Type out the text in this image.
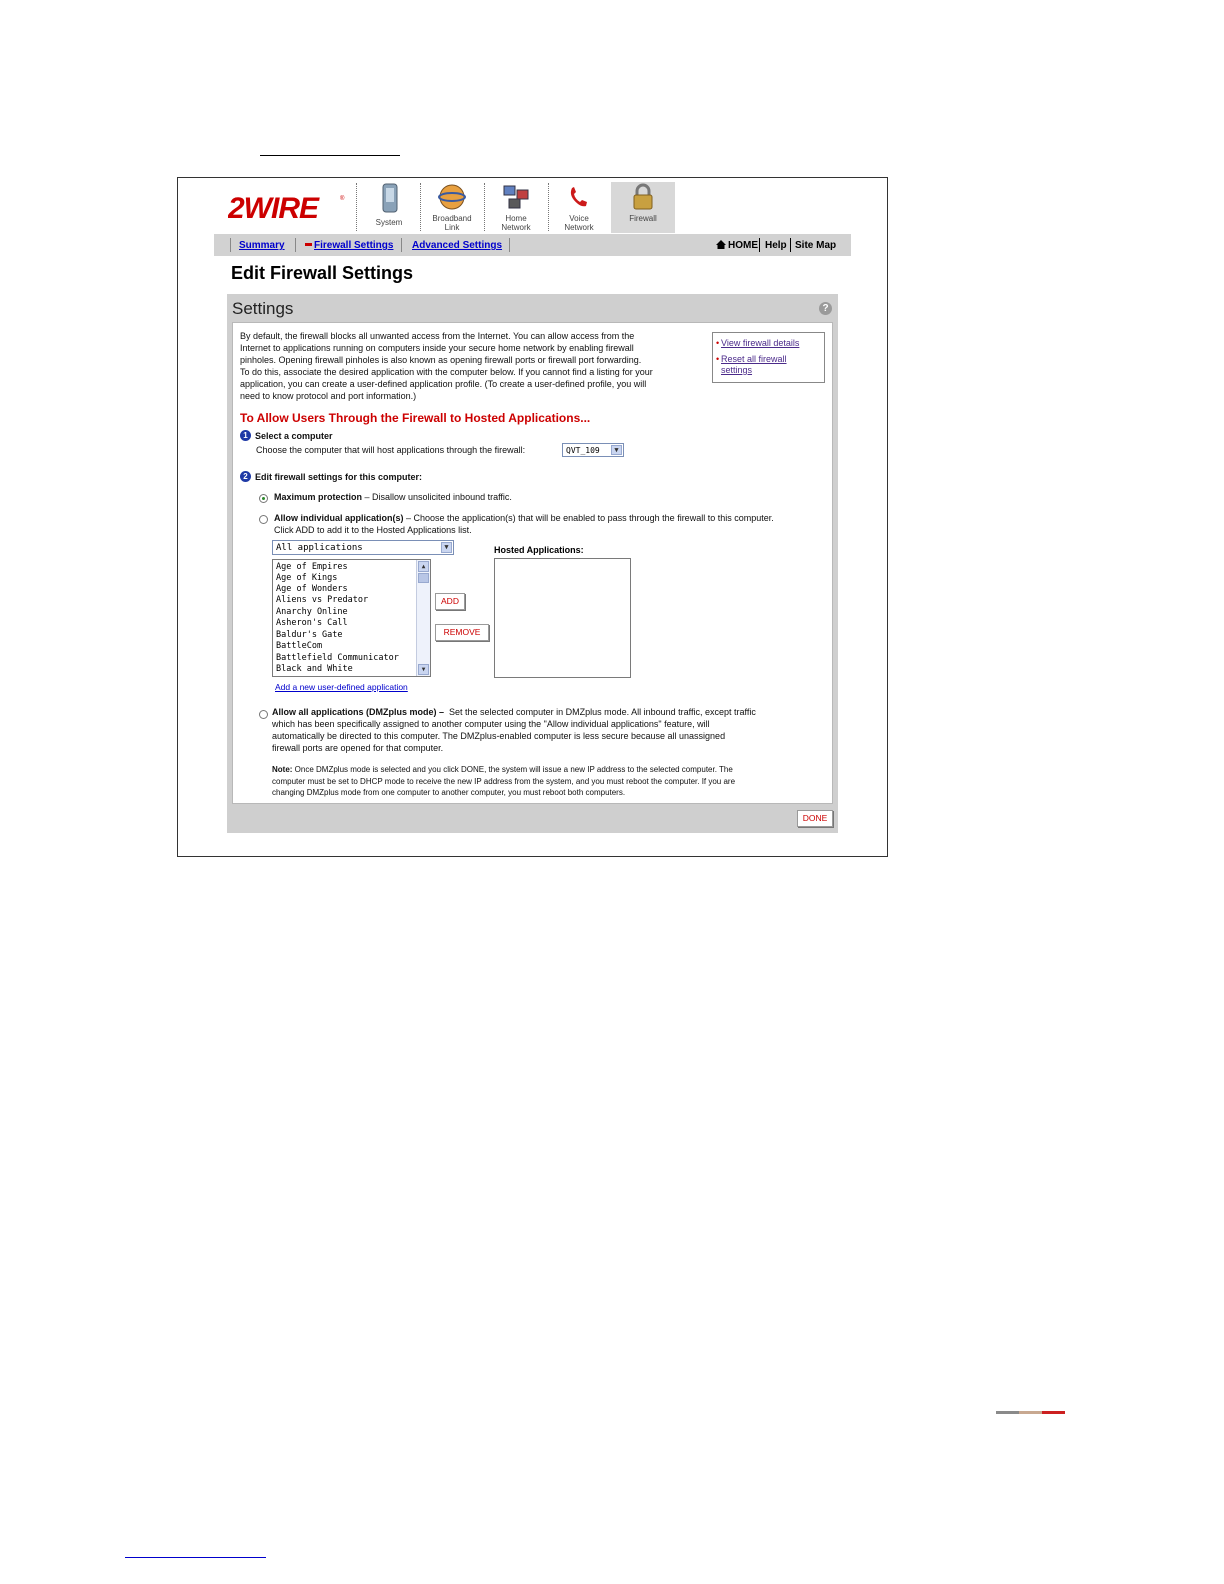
2WIRE	®
System	Broadband
Link
Home
Network
Voice
Network
Firewall
Summary	Firewall Settings Advanced Settings	HOME Help Site Map
Edit Firewall Settings
Settings	?
By default, the firewall blocks all unwanted access from the Internet. You can allow access from the
Internet to applications running on computers inside your secure home network by enabling firewall
pinholes. Opening firewall pinholes is also known as opening firewall ports or firewall port forwarding.
To do this, associate the desired application with the computer below. If you cannot find a listing for your
application, you can create a user-defined application profile. (To create a user-defined profile, you will
need to know protocol and port information.)
• View firewall details
• Reset all firewall
settings
To Allow Users Through the Firewall to Hosted Applications...
1 Select a computer
Choose the computer that will host applications through the firewall:	QVT_109	▼
2 Edit firewall settings for this computer:
Maximum protection – Disallow unsolicited inbound traffic.
Allow individual application(s) – Choose the application(s) that will be enabled to pass through the firewall to this computer.
Click ADD to add it to the Hosted Applications list.
All applications	▼
Age of Empires
Age of Kings
Age of Wonders
Aliens vs Predator
Anarchy Online
Asheron's Call
Baldur's Gate
BattleCom
Battlefield Communicator
Black and White
▲
▼
ADD
REMOVE
Hosted Applications:
Add a new user-defined application
Allow all applications (DMZplus mode) –  Set the selected computer in DMZplus mode. All inbound traffic, except traffic
which has been specifically assigned to another computer using the "Allow individual applications" feature, will
automatically be directed to this computer. The DMZplus-enabled computer is less secure because all unassigned
firewall ports are opened for that computer.
Note: Once DMZplus mode is selected and you click DONE, the system will issue a new IP address to the selected computer. The
computer must be set to DHCP mode to receive the new IP address from the system, and you must reboot the computer. If you are
changing DMZplus mode from one computer to another computer, you must reboot both computers.
DONE
